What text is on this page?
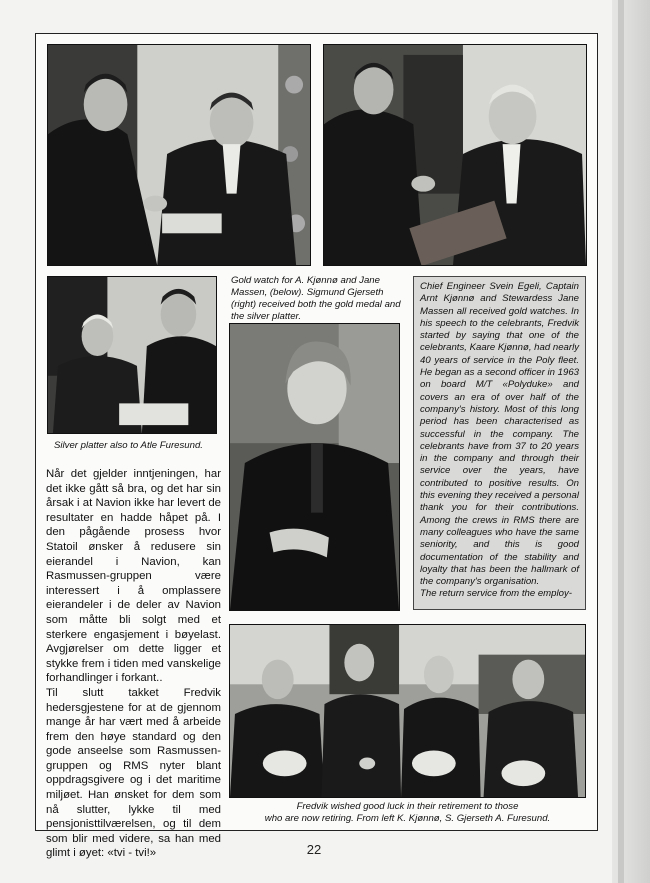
Gold watch for A. Kjønnø and Jane Massen, (below). Sigmund Gjerseth (right) received both the gold medal and the silver platter.

Silver platter also to Atle Furesund.

Fredvik wished good luck in their retirement to those

who are now retiring. From left K. Kjønnø, S. Gjerseth A. Furesund.

Når det gjelder inntjeningen, har det ikke gått så bra, og det har sin årsak i at Navion ikke har levert de resultater en hadde håpet på. I den pågående prosess hvor Statoil ønsker å redusere sin eierandel i Navion, kan Rasmussen-gruppen være interessert i å omplassere eierandeler i de deler av Navion som måtte bli solgt med et sterkere engasjement i bøyelast. Avgjørelser om dette ligger et stykke frem i tiden med vanskelige forhandlinger i forkant..

Til slutt takket Fredvik hedersgjestene for at de gjennom mange år har vært med å arbeide frem den høye standard og den gode anseelse som Rasmussen-gruppen og RMS nyter blant oppdragsgivere og i det maritime miljøet. Han ønsket for dem som nå slutter, lykke til med pensjonisttilværelsen, og til dem som blir med videre, sa han med glimt i øyet: «tvi - tvi!»

Chief Engineer Svein Egeli, Captain Arnt Kjønnø and Stewardess Jane Massen all received gold watches. In his speech to the celebrants, Fredvik started by saying that one of the celebrants, Kaare Kjønnø, had nearly 40 years of service in the Poly fleet. He began as a second officer in 1963 on board M/T «Polyduke» and covers an era of over half of the company's history. Most of this long period has been characterised as successful in the company. The celebrants have from 37 to 20 years in the company and through their service over the years, have contributed to positive results. On this evening they received a personal thank you for their contributions. Among the crews in RMS there are many colleagues who have the same seniority, and this is good documentation of the stability and loyalty that has been the hallmark of the company's organisation.

The return service from the employ-

22
